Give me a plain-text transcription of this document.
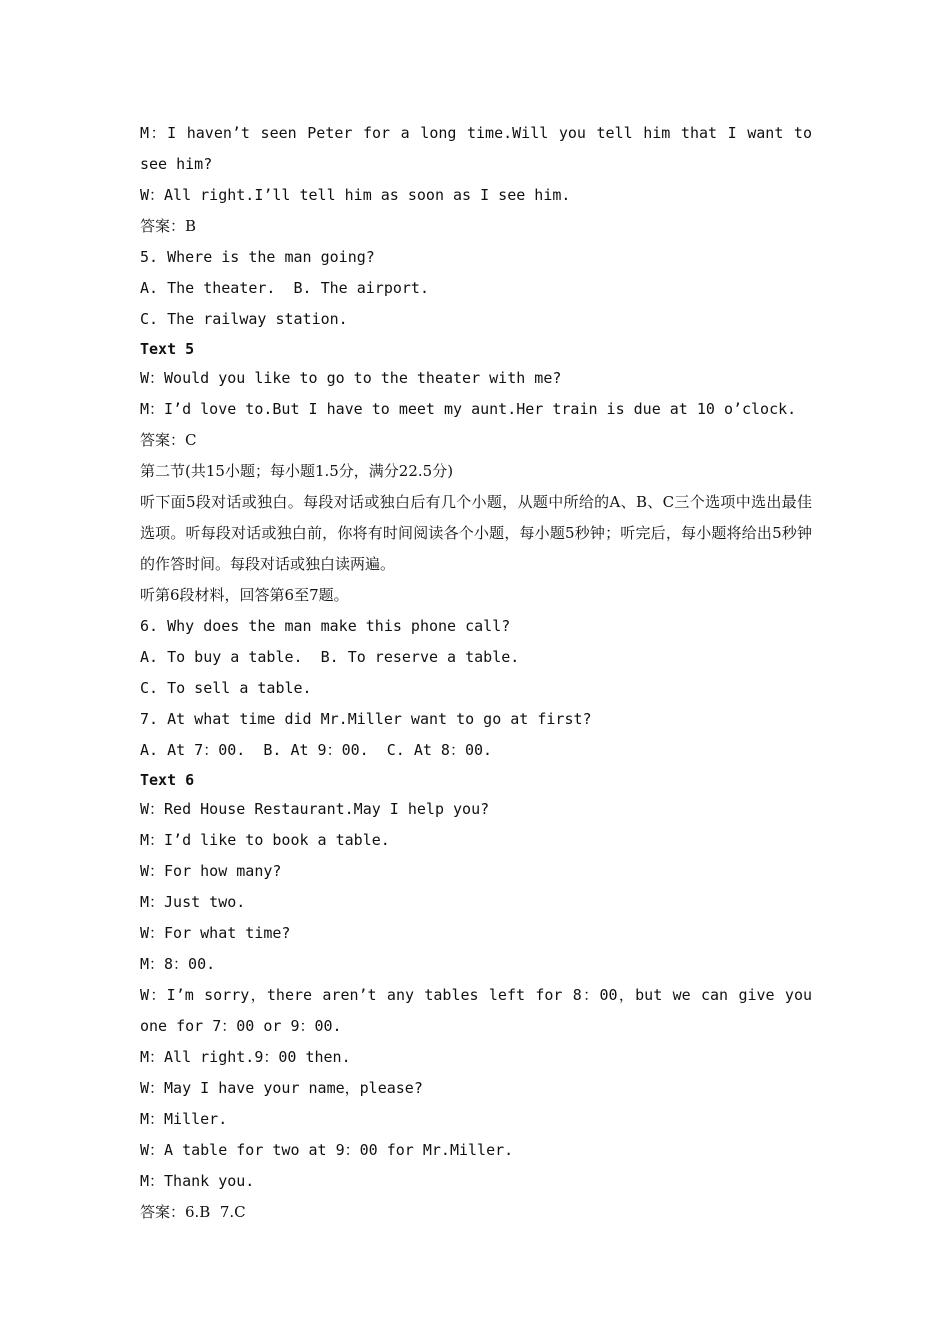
M：I haven’t seen Peter for a long time.Will you tell him that I want to see him?
W：All right.I’ll tell him as soon as I see him.
答案：B
5. Where is the man going?
A. The theater.  B. The airport.
C. The railway station.
Text 5
W：Would you like to go to the theater with me?
M：I’d love to.But I have to meet my aunt.Her train is due at 10 o’clock.
答案：C
第二节(共15小题；每小题1.5分，满分22.5分)
听下面5段对话或独白。每段对话或独白后有几个小题，从题中所给的A、B、C三个选项中选出最佳选项。听每段对话或独白前，你将有时间阅读各个小题，每小题5秒钟；听完后，每小题将给出5秒钟的作答时间。每段对话或独白读两遍。
听第6段材料，回答第6至7题。
6. Why does the man make this phone call?
A. To buy a table.  B. To reserve a table.
C. To sell a table.
7. At what time did Mr.Miller want to go at first?
A. At 7：00.  B. At 9：00.  C. At 8：00.
Text 6
W：Red House Restaurant.May I help you?
M：I’d like to book a table.
W：For how many?
M：Just two.
W：For what time?
M：8：00.
W：I’m sorry，there aren’t any tables left for 8：00，but we can give you one for 7：00 or 9：00.
M：All right.9：00 then.
W：May I have your name，please?
M：Miller.
W：A table for two at 9：00 for Mr.Miller.
M：Thank you.
答案：6.B  7.C
